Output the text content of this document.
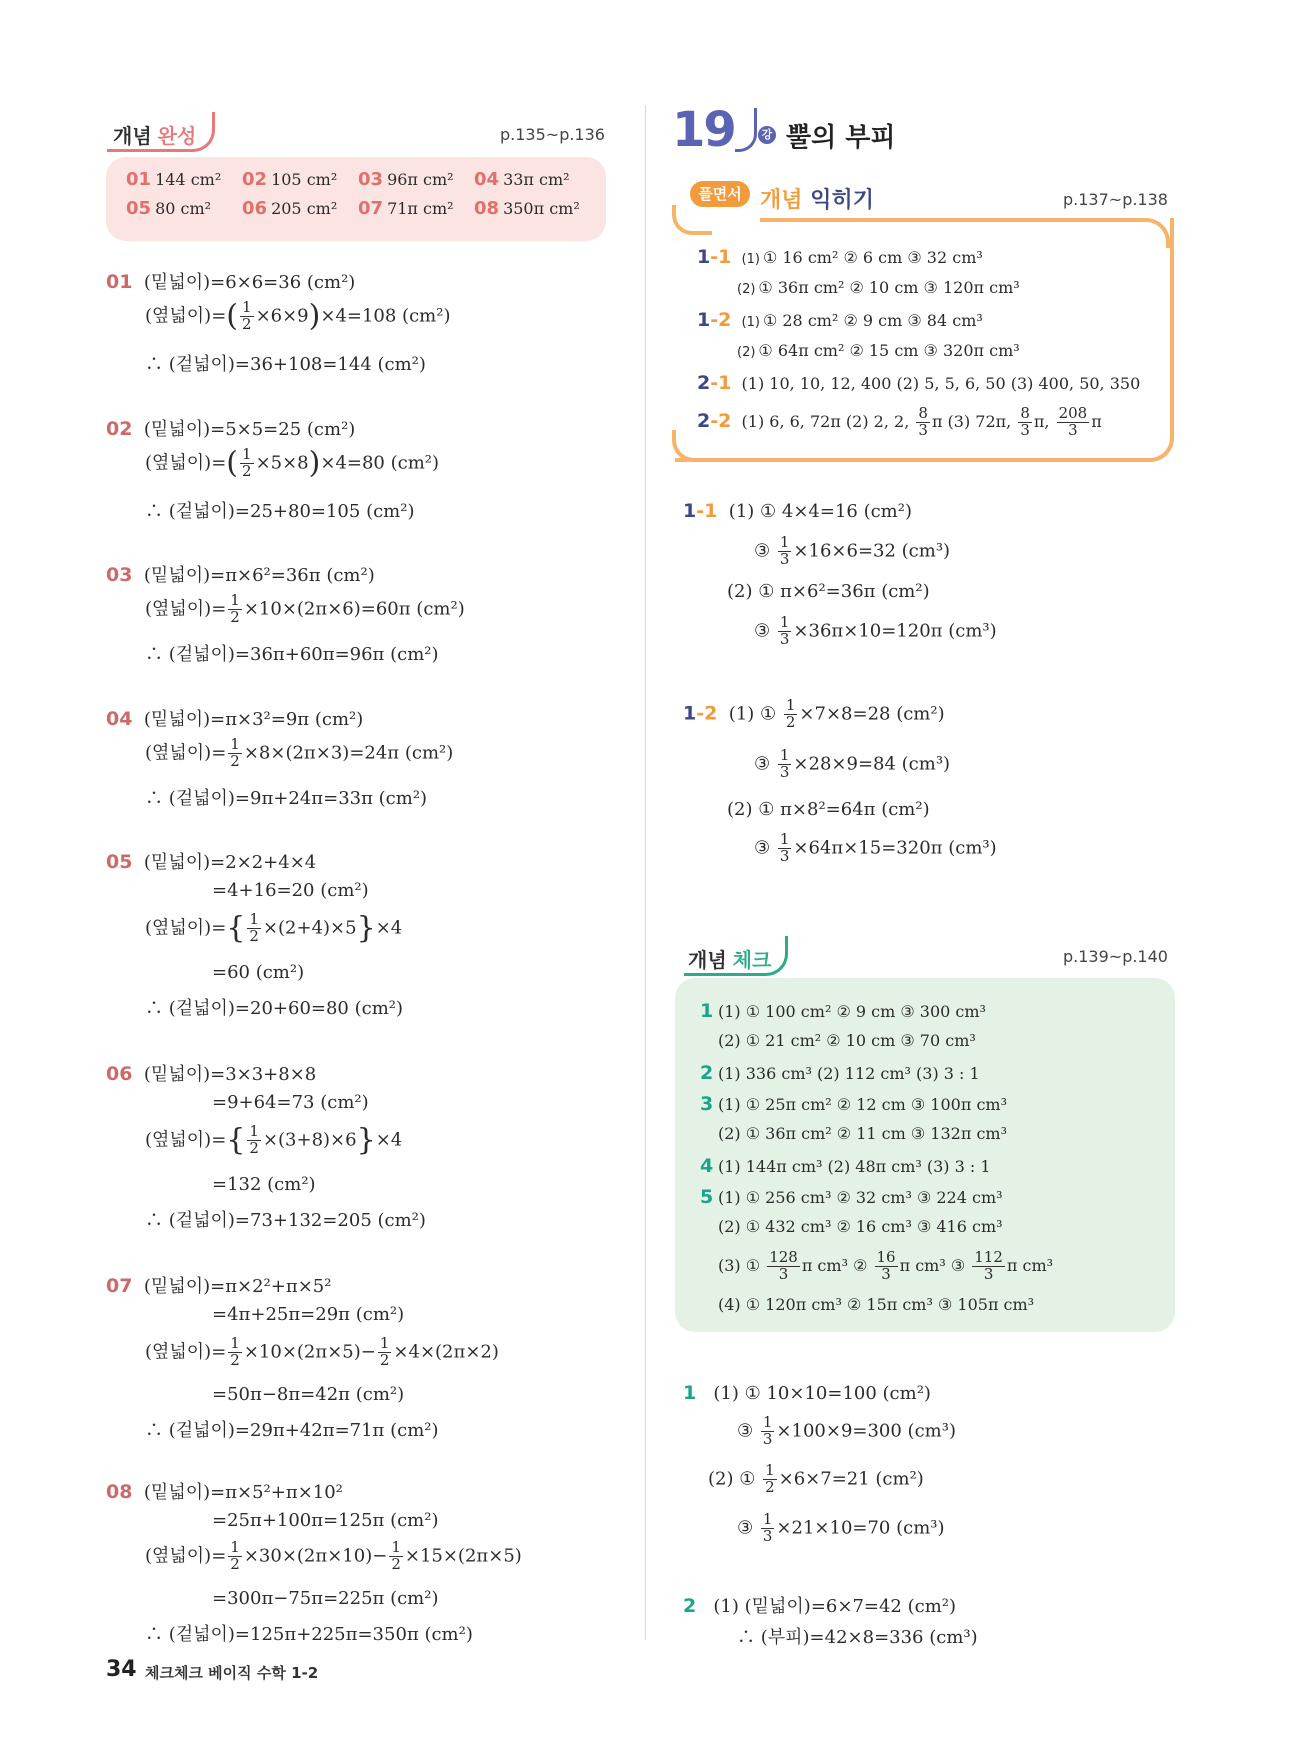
개념 완성	p.135~p.136
01 144 cm²	02 105 cm²	03 96π cm²	04 33π cm²
05 80 cm²	06 205 cm²	07 71π cm²	08 350π cm²
01 (밑넓이)=6×6=36 (cm²)
(옆넓이)=( $\frac{1}{2} \times 6\times 9)\times 4=108$ (cm²)
∴ (겉넓이)=36+108=144 (cm²)
02 (밑넓이)=5×5=25 (cm²)
(옆넓이)=( $\frac{1}{2} \times 5\times 8)\times 4=80$ (cm²)
∴ (겉넓이)=25+80=105 (cm²)
03 (밑넓이)=π×6²=36π (cm²)
(옆넓이)= $\frac{1}{2} \times 10\times(2\pi\times 6)=60\pi$ (cm²)
∴ (겉넓이)=36π+60π=96π (cm²)
04 (밑넓이)=π×3²=9π (cm²)
(옆넓이)= $\frac{1}{2} \times 8\times(2\pi\times 3)=24\pi$ (cm²)
∴ (겉넓이)=9π+24π=33π (cm²)
05 (밑넓이)=2×2+4×4
=4+16=20 (cm²)
(옆넓이)={ $\frac{1}{2} \times(2+4)\times 5\}\times 4$
=60 (cm²)
∴ (겉넓이)=20+60=80 (cm²)
06 (밑넓이)=3×3+8×8
=9+64=73 (cm²)
(옆넓이)={ $\frac{1}{2} \times(3+8)\times 6\}\times 4$
=132 (cm²)
∴ (겉넓이)=73+132=205 (cm²)
07 (밑넓이)=π×2²+π×5²
=4π+25π=29π (cm²)
(옆넓이)= $\frac{1}{2} \times 10\times(2\pi\times 5)- \frac{1}{2} \times 4\times(2\pi\times 2)$
=50π−8π=42π (cm²)
∴ (겉넓이)=29π+42π=71π (cm²)
08 (밑넓이)=π×5²+π×10²
=25π+100π=125π (cm²)
(옆넓이)= $\frac{1}{2} \times 30\times(2\pi\times 10)- \frac{1}{2} \times 15\times(2\pi\times 5)$
=300π−75π=225π (cm²)
∴ (겉넓이)=125π+225π=350π (cm²)
19	강 뿔의 부피
플면서 개념 익히기	p.137~p.138
1-1 (1) ① 16 cm² ② 6 cm ③ 32 cm³
(2) ① 36π cm² ② 10 cm ③ 120π cm³
1-2 (1) ① 28 cm² ② 9 cm ③ 84 cm³
(2) ① 64π cm² ② 15 cm ③ 320π cm³
2-1 (1) 10, 10, 12, 400 (2) 5, 5, 6, 50 (3) 400, 50, 350
2-2 (1) 6, 6, 72π (2) 2, 2, $\frac{8}{3}$ π (3) 72π, $\frac{8}{3} \pi$, $\frac{208}{3}$ π
1-1 (1) ① 4×4=16 (cm²)
③ $\frac{1}{3} \times 16\times 6=32$ (cm³)
(2) ① π×6²=36π (cm²)
③ $\frac{1}{3} \times 36\pi\times 10=120\pi$ (cm³)
1-2 (1) ① $\frac{1}{2} \times 7\times 8=28$ (cm²)
③ $\frac{1}{3} \times 28\times 9=84$ (cm³)
(2) ① π×8²=64π (cm²)
③ $\frac{1}{3} \times 64\pi\times 15=320\pi$ (cm³)
개념 체크	p.139~p.140
1 (1) ① 100 cm² ② 9 cm ③ 300 cm³
(2) ① 21 cm² ② 10 cm ③ 70 cm³
2 (1) 336 cm³ (2) 112 cm³ (3) 3 : 1
3 (1) ① 25π cm² ② 12 cm ③ 100π cm³
(2) ① 36π cm² ② 11 cm ③ 132π cm³
4 (1) 144π cm³ (2) 48π cm³ (3) 3 : 1
5 (1) ① 256 cm³ ② 32 cm³ ③ 224 cm³
(2) ① 432 cm³ ② 16 cm³ ③ 416 cm³
(3) ① $\frac{128}{3}$ π cm³ ② $\frac{16}{3}$ π cm³ ③ $\frac{112}{3}$ π cm³
(4) ① 120π cm³ ② 15π cm³ ③ 105π cm³
1 (1) ① 10×10=100 (cm²)
③ $\frac{1}{3} \times 100\times 9=300$ (cm³)
(2) ① $\frac{1}{2} \times 6\times 7=21$ (cm²)
③ $\frac{1}{3} \times 21\times 10=70$ (cm³)
2 (1) (밑넓이)=6×7=42 (cm²)
∴ (부피)=42×8=336 (cm³)
34 체크체크 베이직 수학 1-2
